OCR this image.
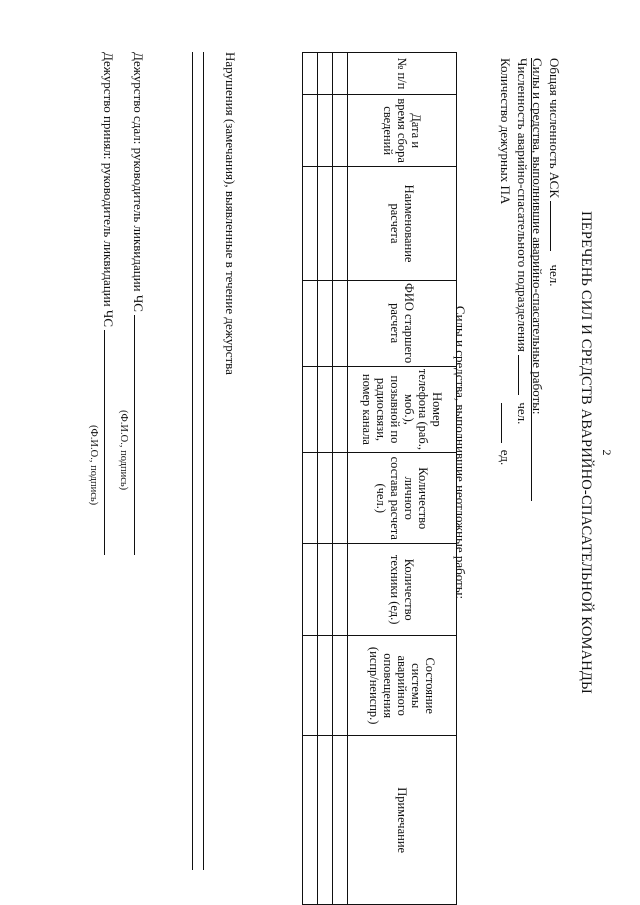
2
ПЕРЕЧЕНЬ СИЛ И СРЕДСТВ АВАРИЙНО-СПАСАТЕЛЬНОЙ КОМАНДЫ
Общая численность АСК  чел.
Силы и средства, выполнившие аварийно-спасательные работы:
Численность аварийно-спасательного подразделения  чел.
Количество дежурных ПА  ед.
Силы и средства, выполнившие неотложные работы:
№ п/п	Дата и время сбора сведений	Наименование расчета	ФИО старшего расчета	Номер телефона (раб., моб.), позывной по радиосвязи, номер канала	Количество личного состава расчета (чел.)	Количество техники (ед.)	Состояние системы аварийного оповещения (испр/неиспр.)	Примечание

Нарушения (замечания), выявленные в течение дежурства
Дежурство сдал: руководитель ликвидации ЧС
(Ф.И.О., подпись)
Дежурство принял: руководитель ликвидации ЧС
(Ф.И.О., подпись)
